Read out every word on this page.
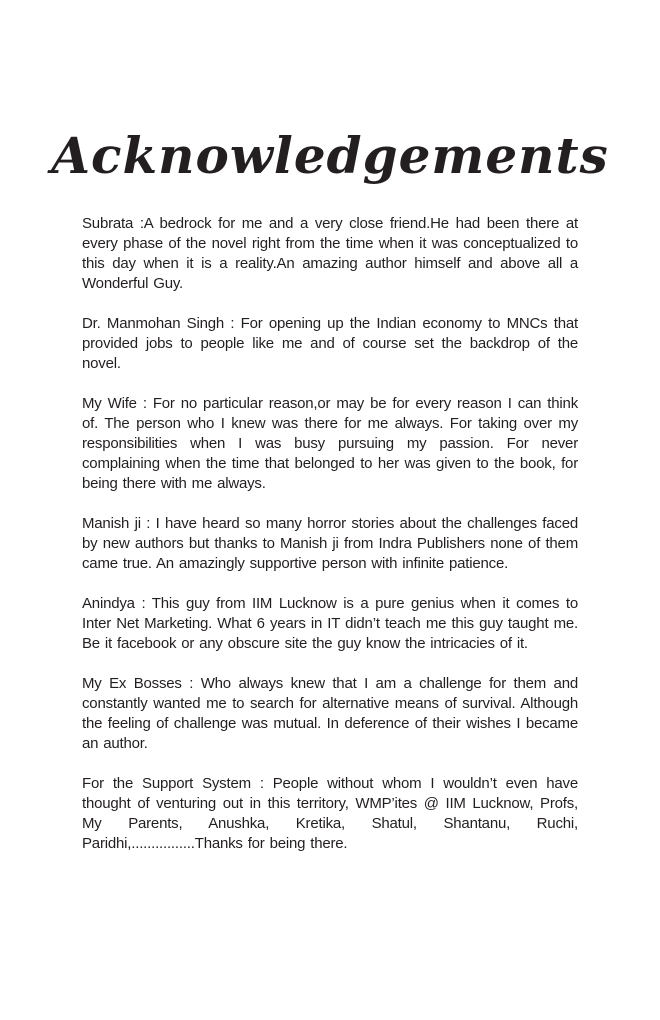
Acknowledgements

Subrata :A bedrock for me and a very close friend.He had been there at every phase of the novel right from the time when it was conceptualized to this day when it is a reality.An amazing author himself and above all a Wonderful Guy.

Dr. Manmohan Singh : For opening up the Indian economy to MNCs that provided jobs to people like me and of course set the backdrop of the novel.

My Wife : For no particular reason,or may be for every reason I can think of. The person who I knew was there for me always. For taking over my responsibilities when I was busy pursuing my passion. For never complaining when the time that belonged to her was given to the book, for being there with me always.

Manish ji : I have heard so many horror stories about the challenges faced by new authors but thanks to Manish ji from Indra Publishers none of them came true. An amazingly supportive person with infinite patience.

Anindya : This guy from IIM Lucknow is a pure genius when it comes to Inter Net Marketing. What 6 years in IT didn’t teach me this guy taught me. Be it facebook or any obscure site the guy know the intricacies of it.

My Ex Bosses : Who always knew that I am a challenge for them and constantly wanted me to search for alternative means of survival. Although the feeling of challenge was mutual. In deference of their wishes I became an author.

For the Support System : People without whom I wouldn’t even have thought of venturing out in this territory, WMP’ites @ IIM Lucknow, Profs, My Parents, Anushka, Kretika, Shatul, Shantanu, Ruchi, Paridhi,................Thanks for being there.
